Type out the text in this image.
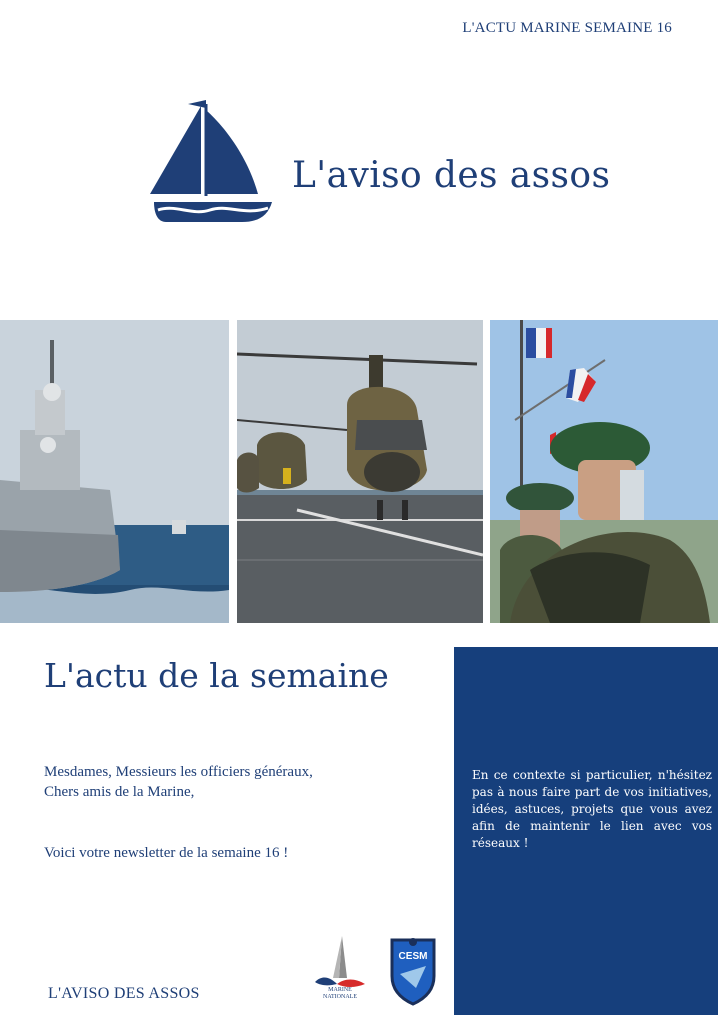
L'ACTU MARINE SEMAINE 16
L'aviso des assos
L'actu de la semaine
Mesdames, Messieurs les officiers généraux,
Chers amis de la Marine,
Voici votre newsletter de la semaine 16 !
En ce contexte si particulier, n'hésitez pas à nous faire part de vos initiatives, idées, astuces, projets que vous avez afin de maintenir le lien avec vos réseaux !
L'AVISO DES ASSOS	MARINE
NATIONALE
CESM
